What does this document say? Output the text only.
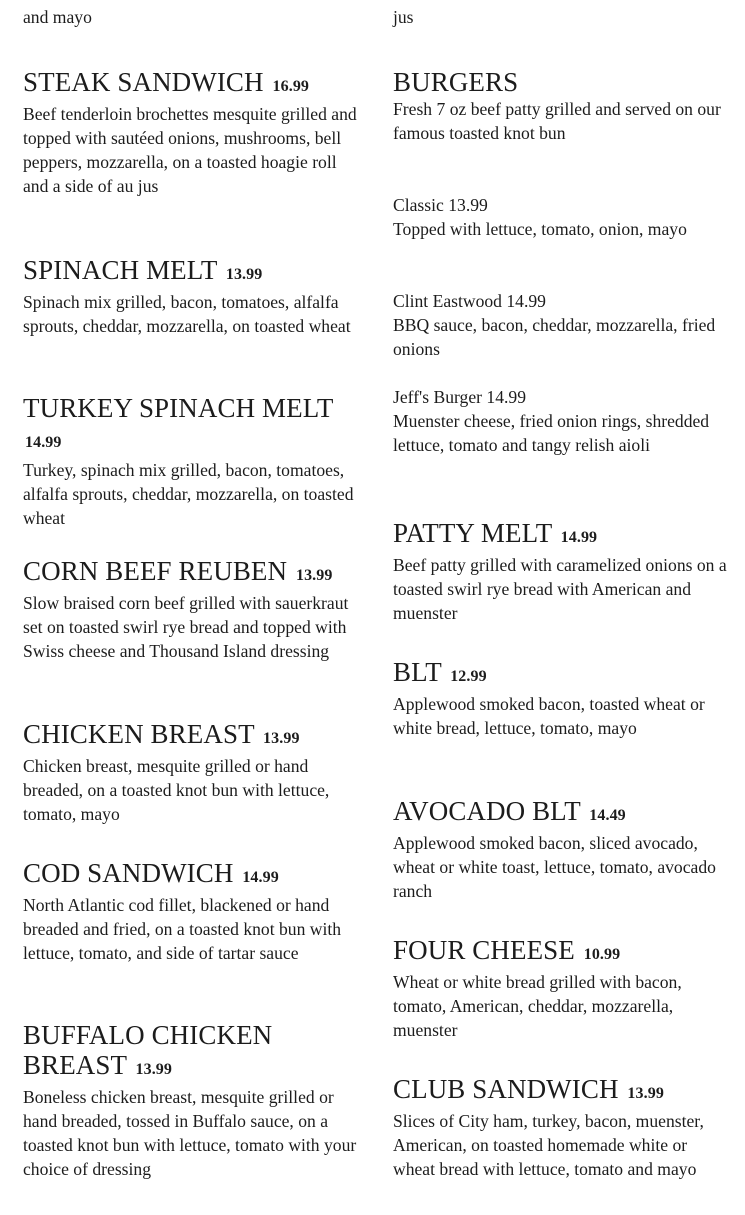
and mayo

STEAK SANDWICH 16.99

Beef tenderloin brochettes mesquite grilled and topped with sautéed onions, mushrooms, bell peppers, mozzarella, on a toasted hoagie roll and a side of au jus

SPINACH MELT 13.99

Spinach mix grilled, bacon, tomatoes, alfalfa sprouts, cheddar, mozzarella, on toasted wheat

TURKEY SPINACH MELT 14.99

Turkey, spinach mix grilled, bacon, tomatoes, alfalfa sprouts, cheddar, mozzarella, on toasted wheat

CORN BEEF REUBEN 13.99

Slow braised corn beef grilled with sauerkraut set on toasted swirl rye bread and topped with Swiss cheese and Thousand Island dressing

CHICKEN BREAST 13.99

Chicken breast, mesquite grilled or hand breaded, on a toasted knot bun with lettuce, tomato, mayo

COD SANDWICH 14.99

North Atlantic cod fillet, blackened or hand breaded and fried, on a toasted knot bun with lettuce, tomato, and side of tartar sauce

BUFFALO CHICKEN BREAST 13.99

Boneless chicken breast, mesquite grilled or hand breaded, tossed in Buffalo sauce, on a toasted knot bun with lettuce, tomato with your choice of dressing

jus

BURGERS

Fresh 7 oz beef patty grilled and served on our famous toasted knot bun

Classic 13.99

Topped with lettuce, tomato, onion, mayo

Clint Eastwood 14.99

BBQ sauce, bacon, cheddar, mozzarella, fried onions

Jeff's Burger 14.99

Muenster cheese, fried onion rings, shredded lettuce, tomato and tangy relish aioli

PATTY MELT 14.99

Beef patty grilled with caramelized onions on a toasted swirl rye bread with American and muenster

BLT 12.99

Applewood smoked bacon, toasted wheat or white bread, lettuce, tomato, mayo

AVOCADO BLT 14.49

Applewood smoked bacon, sliced avocado, wheat or white toast, lettuce, tomato, avocado ranch

FOUR CHEESE 10.99

Wheat or white bread grilled with bacon, tomato, American, cheddar, mozzarella, muenster

CLUB SANDWICH 13.99

Slices of City ham, turkey, bacon, muenster, American, on toasted homemade white or wheat bread with lettuce, tomato and mayo
